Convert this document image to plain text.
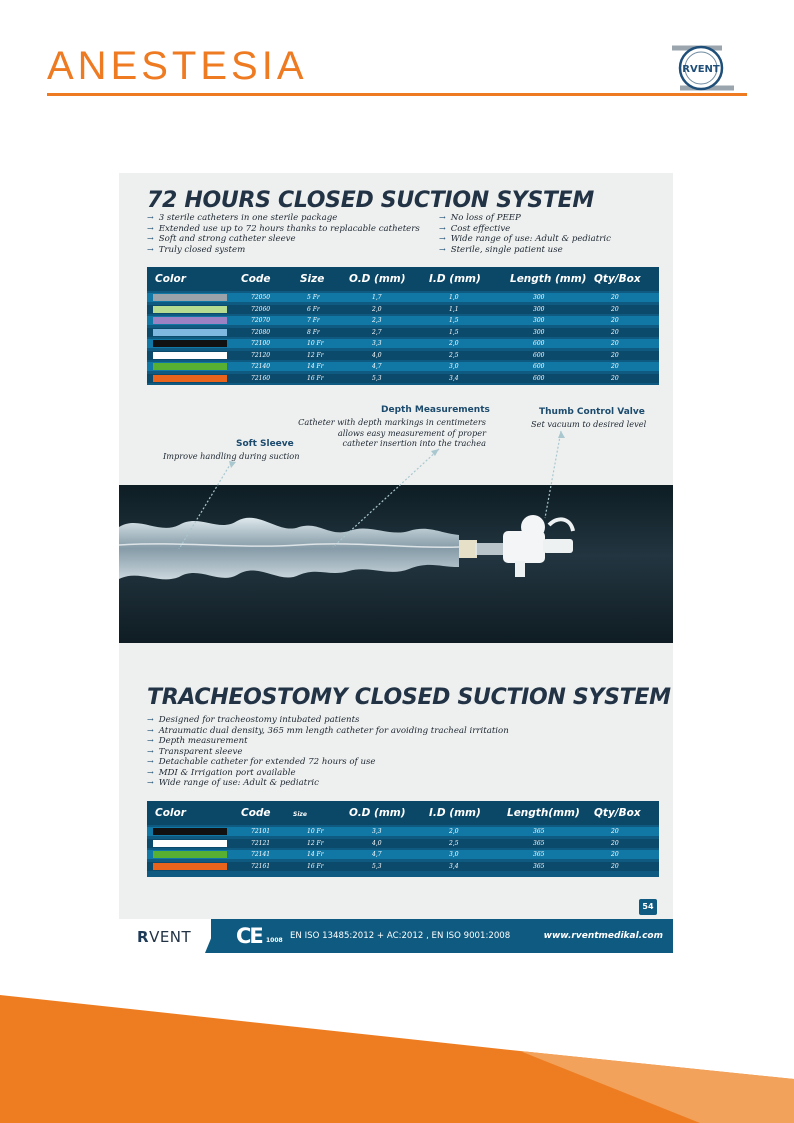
ANESTESIA	RVENT
72 HOURS CLOSED SUCTION SYSTEM
→ 3 sterile catheters in one sterile package
→ Extended use up to 72 hours thanks to replacable catheters
→ Soft and strong catheter sleeve
→ Truly closed system
→ No loss of PEEP
→ Cost effective
→ Wide range of use: Adult & pediatric
→ Sterile, single patient use
Color	Code	Size O.D (mm) I.D (mm)	Length (mm) Qty/Box
72050	5 Fr	1,7	1,0	300	20
72060	6 Fr	2,0	1,1	300	20
72070	7 Fr	2,3	1,5	300	20
72080	8 Fr	2,7	1,5	300	20
72100	10 Fr	3,3	2,0	600	20
72120	12 Fr	4,0	2,5	600	20
72140	14 Fr	4,7	3,0	600	20
72160	16 Fr	5,3	3,4	600	20
Depth Measurements
Catheter with depth markings in centimeters
allows easy measurement of proper
catheter insertion into the trachea
Thumb Control Valve
Set vacuum to desired level
Soft Sleeve
Improve handling during suction
TRACHEOSTOMY CLOSED SUCTION SYSTEM
→ Designed for tracheostomy intubated patients
→ Atraumatic dual density, 365 mm length catheter for avoiding tracheal irritation
→ Depth measurement
→ Transparent sleeve
→ Detachable catheter for extended 72 hours of use
→ MDI & Irrigation port available
→ Wide range of use: Adult & pediatric
Color	Code	Size	O.D (mm) I.D (mm)	Length(mm) Qty/Box
72101	10 Fr	3,3	2,0	365	20
72121	12 Fr	4,0	2,5	365	20
72141	14 Fr	4,7	3,0	365	20
72161	16 Fr	5,3	3,4	365	20
54
RVENT CE 1008 EN ISO 13485:2012 + AC:2012 , EN ISO 9001:2008	www.rventmedikal.com
